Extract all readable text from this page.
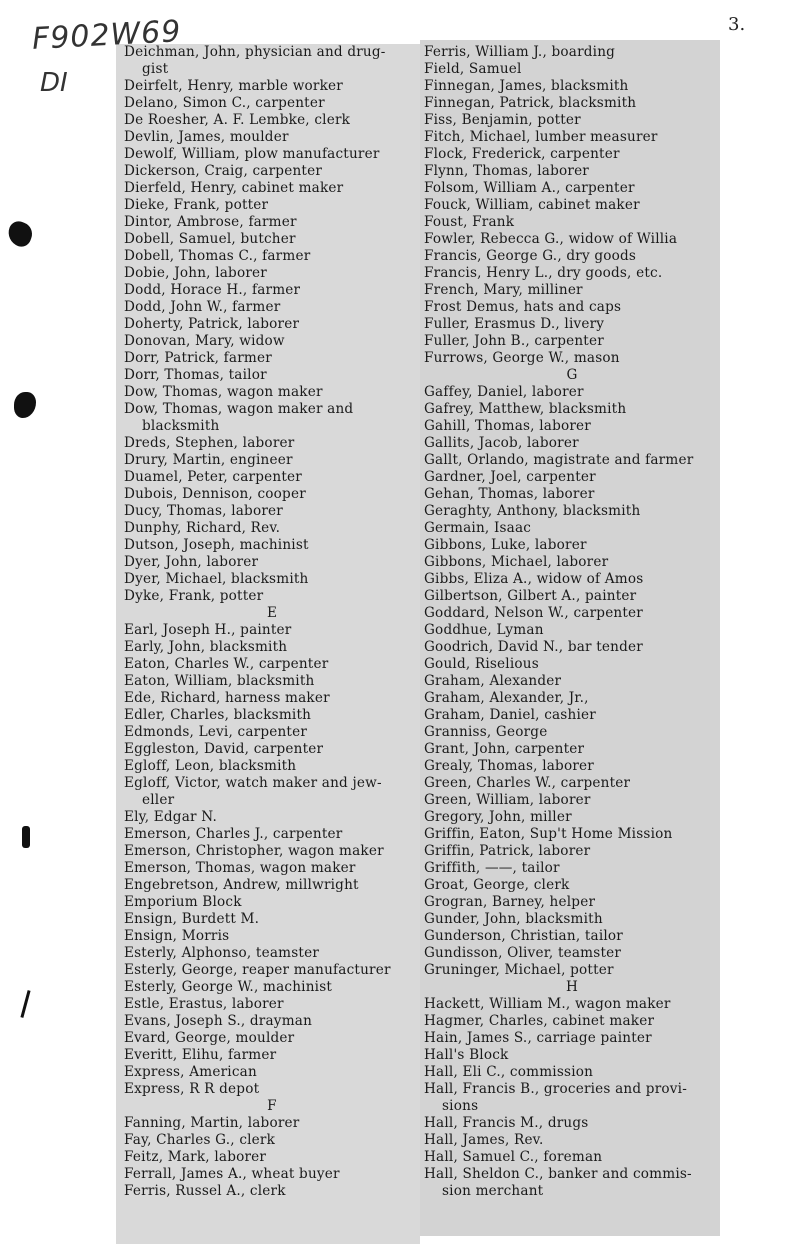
F902W69
DI
3.
Deichman, John, physician and drug-
gist
Deirfelt, Henry, marble worker
Delano, Simon C., carpenter
De Roesher, A. F. Lembke, clerk
Devlin, James, moulder
Dewolf, William, plow manufacturer
Dickerson, Craig, carpenter
Dierfeld, Henry, cabinet maker
Dieke, Frank, potter
Dintor, Ambrose, farmer
Dobell, Samuel, butcher
Dobell, Thomas C., farmer
Dobie, John, laborer
Dodd, Horace H., farmer
Dodd, John W., farmer
Doherty, Patrick, laborer
Donovan, Mary, widow
Dorr, Patrick, farmer
Dorr, Thomas, tailor
Dow, Thomas, wagon maker
Dow, Thomas, wagon maker and
blacksmith
Dreds, Stephen, laborer
Drury, Martin, engineer
Duamel, Peter, carpenter
Dubois, Dennison, cooper
Ducy, Thomas, laborer
Dunphy, Richard, Rev.
Dutson, Joseph, machinist
Dyer, John, laborer
Dyer, Michael, blacksmith
Dyke, Frank, potter
E
Earl, Joseph H., painter
Early, John, blacksmith
Eaton, Charles W., carpenter
Eaton, William, blacksmith
Ede, Richard, harness maker
Edler, Charles, blacksmith
Edmonds, Levi, carpenter
Eggleston, David, carpenter
Egloff, Leon, blacksmith
Egloff, Victor, watch maker and jew-
eller
Ely, Edgar N.
Emerson, Charles J., carpenter
Emerson, Christopher, wagon maker
Emerson, Thomas, wagon maker
Engebretson, Andrew, millwright
Emporium Block
Ensign, Burdett M.
Ensign, Morris
Esterly, Alphonso, teamster
Esterly, George, reaper manufacturer
Esterly, George W., machinist
Estle, Erastus, laborer
Evans, Joseph S., drayman
Evard, George, moulder
Everitt, Elihu, farmer
Express, American
Express, R R depot
F
Fanning, Martin, laborer
Fay, Charles G., clerk
Feitz, Mark, laborer
Ferrall, James A., wheat buyer
Ferris, Russel A., clerk
Ferris, William J., boarding
Field, Samuel
Finnegan, James, blacksmith
Finnegan, Patrick, blacksmith
Fiss, Benjamin, potter
Fitch, Michael, lumber measurer
Flock, Frederick, carpenter
Flynn, Thomas, laborer
Folsom, William A., carpenter
Fouck, William, cabinet maker
Foust, Frank
Fowler, Rebecca G., widow of Willia
Francis, George G., dry goods
Francis, Henry L., dry goods, etc.
French, Mary, milliner
Frost Demus, hats and caps
Fuller, Erasmus D., livery
Fuller, John B., carpenter
Furrows, George W., mason
G
Gaffey, Daniel, laborer
Gafrey, Matthew, blacksmith
Gahill, Thomas, laborer
Gallits, Jacob, laborer
Gallt, Orlando, magistrate and farmer
Gardner, Joel, carpenter
Gehan, Thomas, laborer
Geraghty, Anthony, blacksmith
Germain, Isaac
Gibbons, Luke, laborer
Gibbons, Michael, laborer
Gibbs, Eliza A., widow of Amos
Gilbertson, Gilbert A., painter
Goddard, Nelson W., carpenter
Goddhue, Lyman
Goodrich, David N., bar tender
Gould, Riselious
Graham, Alexander
Graham, Alexander, Jr.,
Graham, Daniel, cashier
Granniss, George
Grant, John, carpenter
Grealy, Thomas, laborer
Green, Charles W., carpenter
Green, William, laborer
Gregory, John, miller
Griffin, Eaton, Sup't Home Mission
Griffin, Patrick, laborer
Griffith, ——, tailor
Groat, George, clerk
Grogran, Barney, helper
Gunder, John, blacksmith
Gunderson, Christian, tailor
Gundisson, Oliver, teamster
Gruninger, Michael, potter
H
Hackett, William M., wagon maker
Hagmer, Charles, cabinet maker
Hain, James S., carriage painter
Hall's Block
Hall, Eli C., commission
Hall, Francis B., groceries and provi-
sions
Hall, Francis M., drugs
Hall, James, Rev.
Hall, Samuel C., foreman
Hall, Sheldon C., banker and commis-
sion merchant
